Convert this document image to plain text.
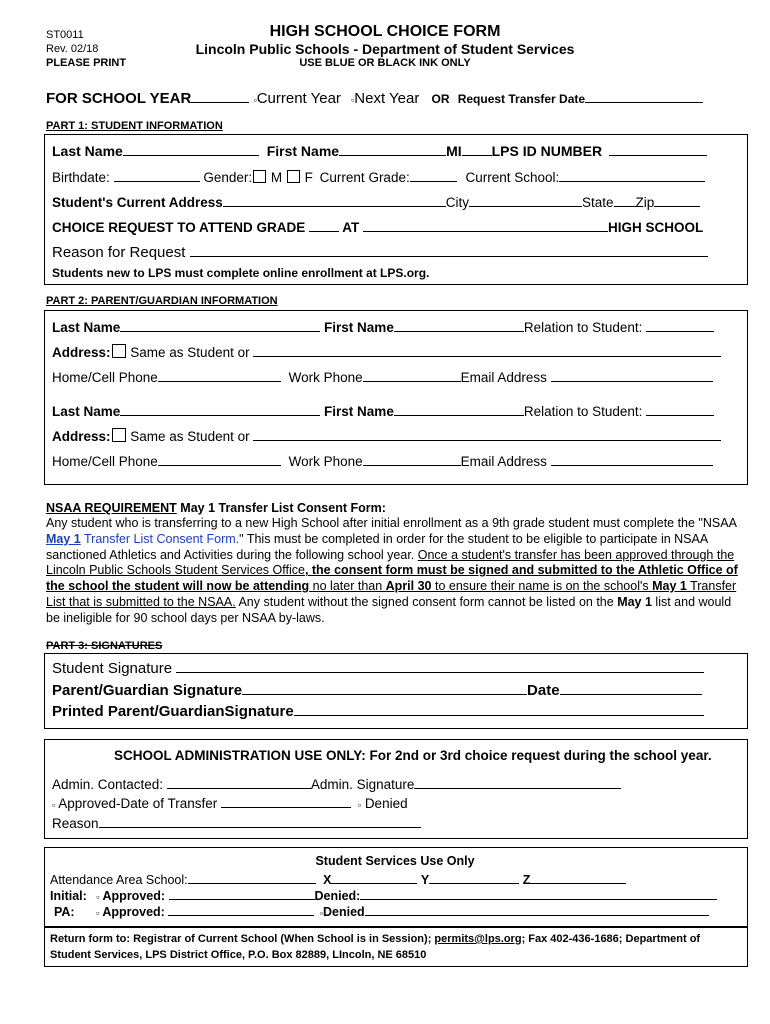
ST0011
Rev. 02/18
PLEASE PRINT
HIGH SCHOOL CHOICE FORM
Lincoln Public Schools - Department of Student Services
USE BLUE OR BLACK INK ONLY
FOR SCHOOL YEAR	▫Current Year ▫Next Year OR Request Transfer Date
PART 1: STUDENT INFORMATION
Last Name	First Name	MI LPS ID NUMBER
Birthdate:	Gender: M F Current Grade:	Current School:
Student's Current Address	City	State Zip
CHOICE REQUEST TO ATTEND GRADE	AT	HIGH SCHOOL
Reason for Request
Students new to LPS must complete online enrollment at LPS.org.
PART 2: PARENT/GUARDIAN INFORMATION
Last Name	First Name	Relation to Student:
Address: Same as Student or
Home/Cell Phone	Work Phone	Email Address
Last Name	First Name	Relation to Student:
Address: Same as Student or
Home/Cell Phone	Work Phone	Email Address
NSAA REQUIREMENT May 1 Transfer List Consent Form:
Any student who is transferring to a new High School after initial enrollment as a 9th grade student must complete the "NSAA
May 1 Transfer List Consent Form." This must be completed in order for the student to be eligible to participate in NSAA
sanctioned Athletics and Activities during the following school year. Once a student's transfer has been approved through the
Lincoln Public Schools Student Services Office, the consent form must be signed and submitted to the Athletic Office of
the school the student will now be attending no later than April 30 to ensure their name is on the school's May 1 Transfer
List that is submitted to the NSAA. Any student without the signed consent form cannot be listed on the May 1 list and would
be ineligible for 90 school days per NSAA by-laws.
PART 3: SIGNATURES
Student Signature
Parent/Guardian Signature	Date
Printed Parent/GuardianSignature
SCHOOL ADMINISTRATION USE ONLY: For 2nd or 3rd choice request during the school year.
Admin. Contacted:	Admin. Signature
▫ Approved-Date of Transfer	▫ Denied
Reason
Student Services Use Only
Attendance Area School:	X	Y	Z
Initial: ▫ Approved:	Denied:
PA: ▫ Approved:	▫Denied
Return form to: Registrar of Current School (When School is in Session); permits@lps.org; Fax 402-436-1686; Department of
Student Services, LPS District Office, P.O. Box 82889, LIncoln, NE 68510
